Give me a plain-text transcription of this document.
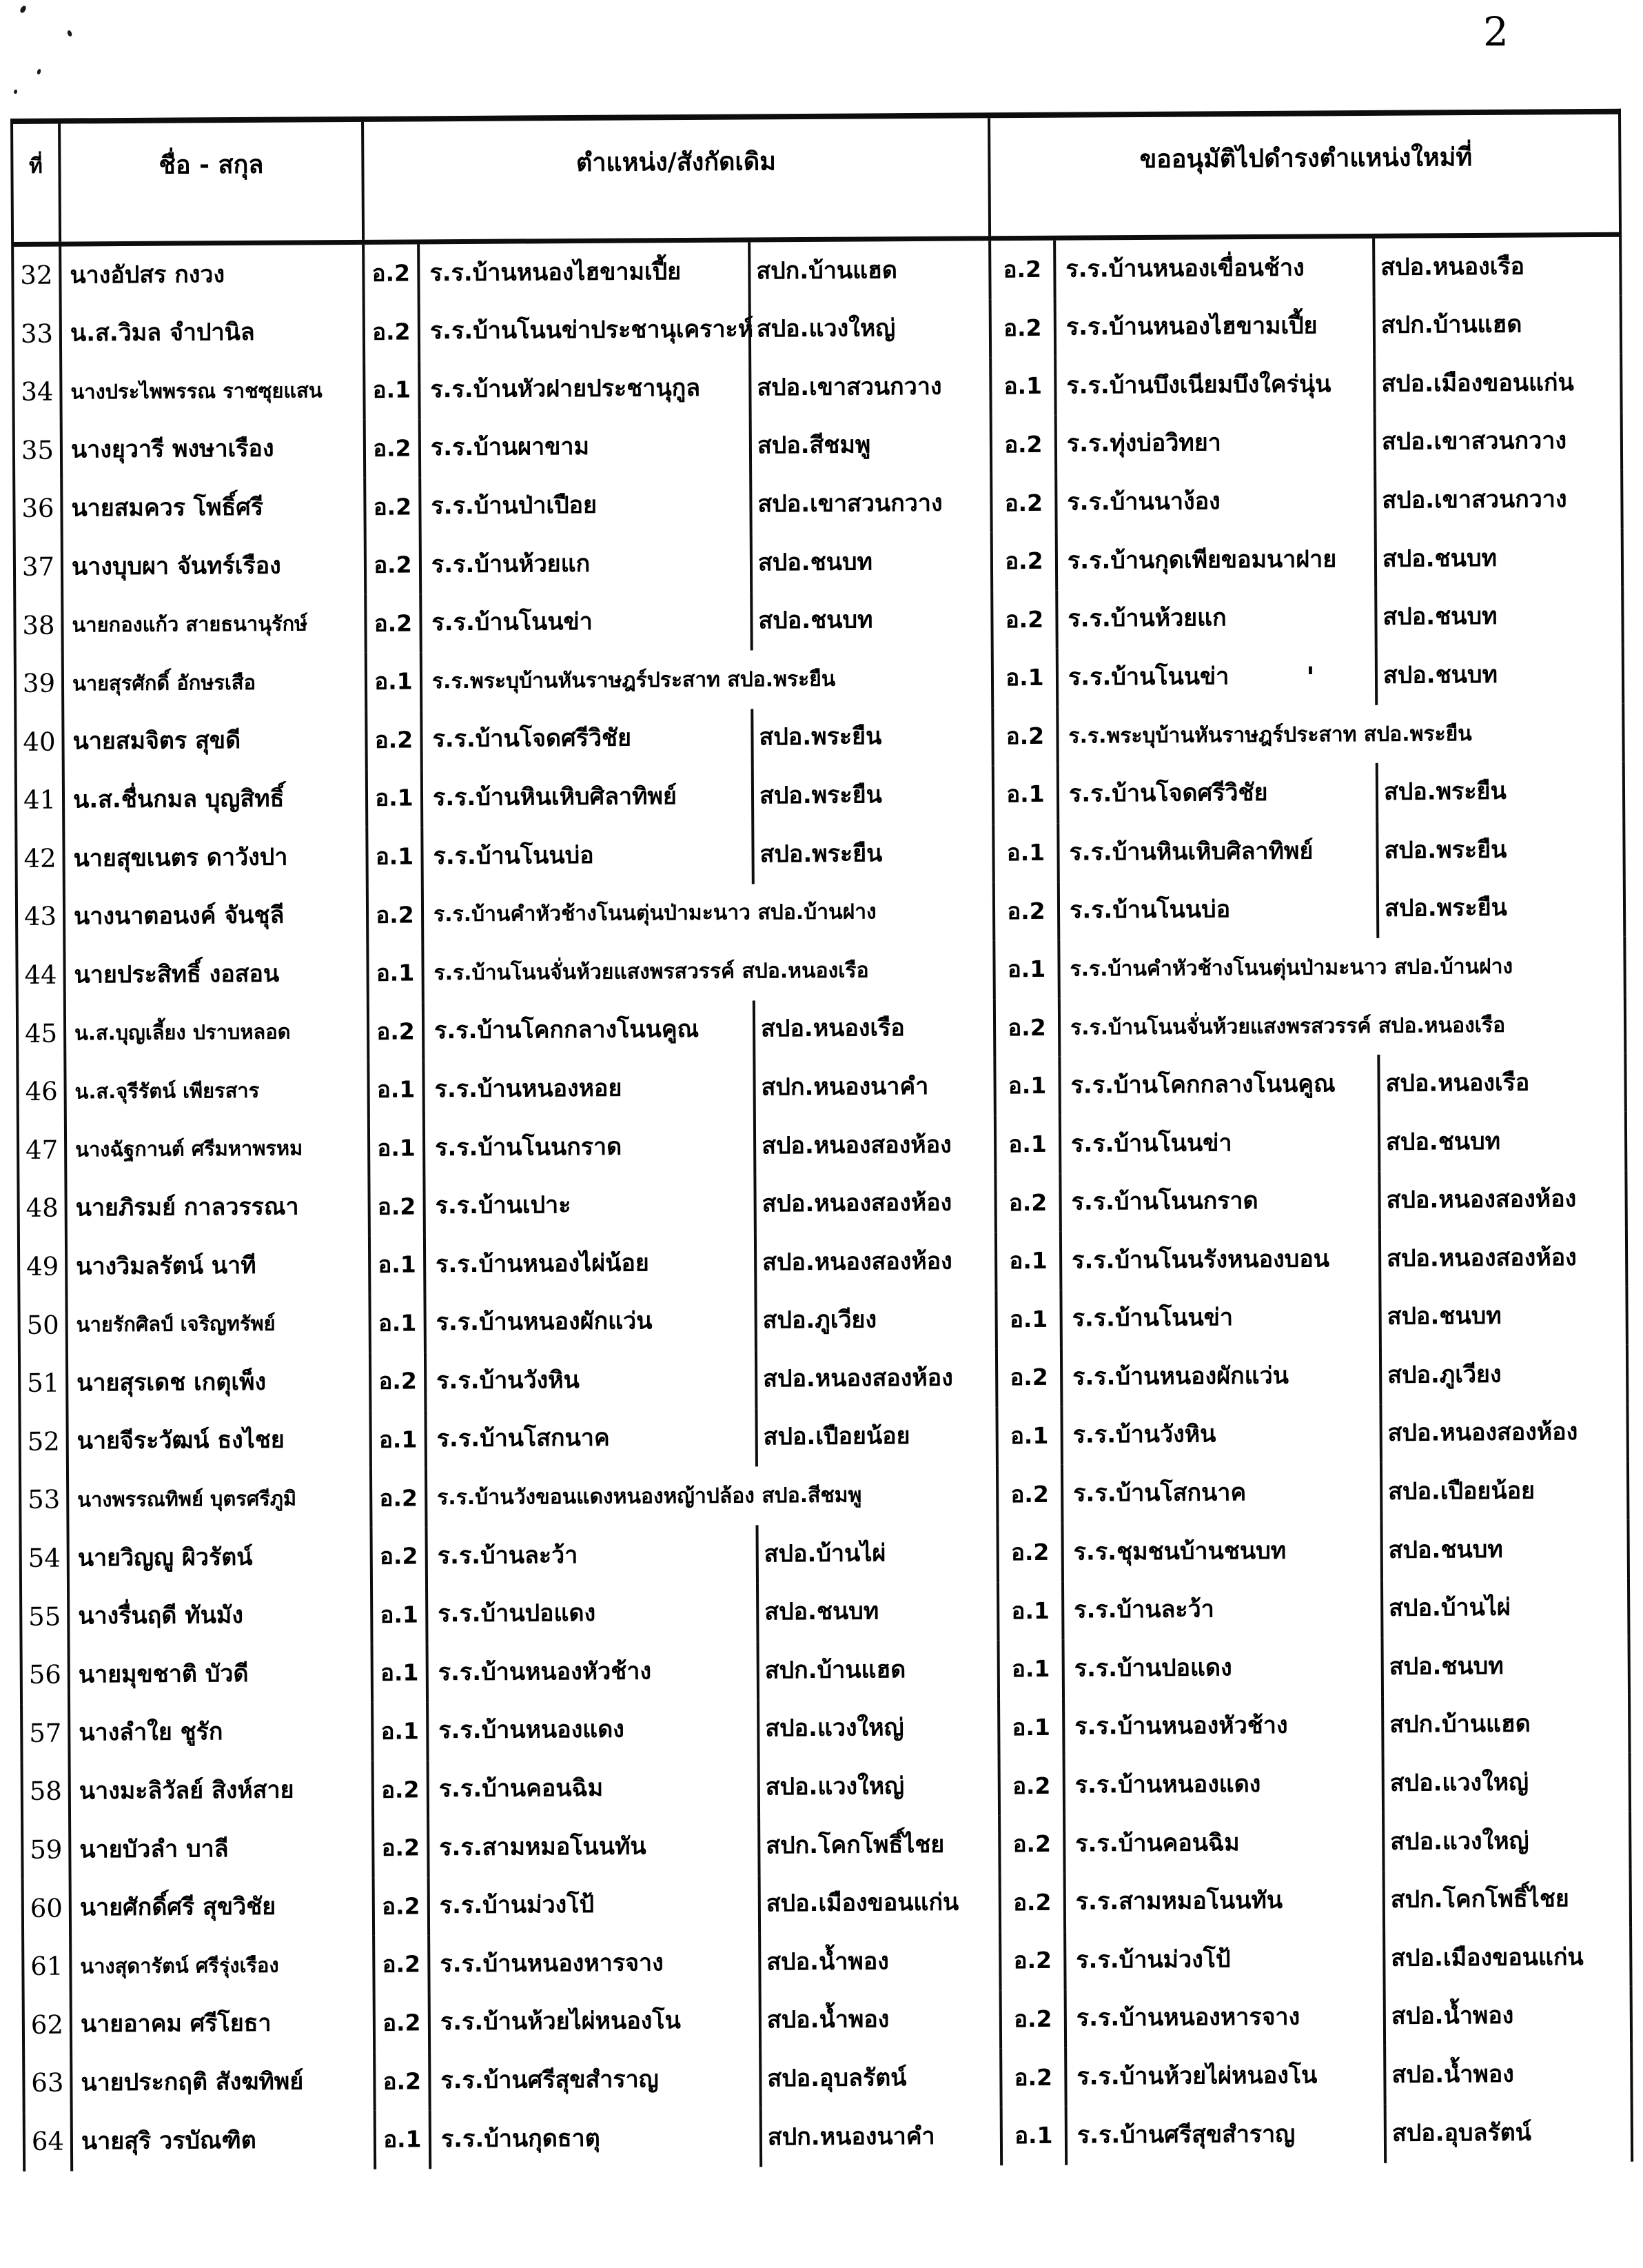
2
'
ที่	ชื่อ - สกุล	ตำแหน่ง/สังกัดเดิม	ขออนุมัติไปดำรงตำแหน่งใหม่ที่
32 นางอัปสร กงวง	อ.2 ร.ร.บ้านหนองไฮขามเปี้ย	สปก.บ้านแฮด	อ.2	ร.ร.บ้านหนองเขื่อนช้าง	สปอ.หนองเรือ
33 น.ส.วิมล จำปานิล	อ.2 ร.ร.บ้านโนนข่าประชานุเคราะห์ สปอ.แวงใหญ่	อ.2	ร.ร.บ้านหนองไฮขามเปี้ย	สปก.บ้านแฮด
34 นางประไพพรรณ ราชซุยแสน	อ.1 ร.ร.บ้านหัวฝายประชานุกูล	สปอ.เขาสวนกวาง	อ.1	ร.ร.บ้านบึงเนียมบึงใคร่นุ่น	สปอ.เมืองขอนแก่น
35 นางยุวารี พงษาเรือง	อ.2 ร.ร.บ้านผาขาม	สปอ.สีชมพู	อ.2	ร.ร.ทุ่งบ่อวิทยา	สปอ.เขาสวนกวาง
36 นายสมควร โพธิ์ศรี	อ.2 ร.ร.บ้านป่าเปือย	สปอ.เขาสวนกวาง	อ.2	ร.ร.บ้านนาง้อง	สปอ.เขาสวนกวาง
37 นางบุบผา จันทร์เรือง	อ.2 ร.ร.บ้านห้วยแก	สปอ.ชนบท	อ.2	ร.ร.บ้านกุดเพียขอมนาฝาย	สปอ.ชนบท
38 นายกองแก้ว สายธนานุรักษ์	อ.2 ร.ร.บ้านโนนข่า	สปอ.ชนบท	อ.2	ร.ร.บ้านห้วยแก	สปอ.ชนบท
39 นายสุรศักดิ์ อักษรเสือ	อ.1 ร.ร.พระบุบ้านหันราษฎร์ประสาท สปอ.พระยืน	อ.1	ร.ร.บ้านโนนข่า	สปอ.ชนบท
40 นายสมจิตร สุขดี	อ.2 ร.ร.บ้านโจดศรีวิชัย	สปอ.พระยืน	อ.2	ร.ร.พระบุบ้านหันราษฎร์ประสาท สปอ.พระยืน
41 น.ส.ชื่นกมล บุญสิทธิ์	อ.1 ร.ร.บ้านหินเหิบศิลาทิพย์	สปอ.พระยืน	อ.1	ร.ร.บ้านโจดศรีวิชัย	สปอ.พระยืน
42 นายสุขเนตร ดาวังปา	อ.1 ร.ร.บ้านโนนบ่อ	สปอ.พระยืน	อ.1	ร.ร.บ้านหินเหิบศิลาทิพย์	สปอ.พระยืน
43 นางนาตอนงค์ จันชุลี	อ.2 ร.ร.บ้านคำหัวช้างโนนตุ่นป่ามะนาว สปอ.บ้านฝาง	อ.2	ร.ร.บ้านโนนบ่อ	สปอ.พระยืน
44 นายประสิทธิ์ งอสอน	อ.1 ร.ร.บ้านโนนจั่นห้วยแสงพรสวรรค์ สปอ.หนองเรือ	อ.1	ร.ร.บ้านคำหัวช้างโนนตุ่นป่ามะนาว สปอ.บ้านฝาง
45 น.ส.บุญเลี้ยง ปราบหลอด	อ.2 ร.ร.บ้านโคกกลางโนนคูณ	สปอ.หนองเรือ	อ.2	ร.ร.บ้านโนนจั่นห้วยแสงพรสวรรค์ สปอ.หนองเรือ
46 น.ส.จุรีรัตน์ เพียรสาร	อ.1 ร.ร.บ้านหนองหอย	สปก.หนองนาคำ	อ.1	ร.ร.บ้านโคกกลางโนนคูณ	สปอ.หนองเรือ
47 นางฉัฐกานต์ ศรีมหาพรหม	อ.1 ร.ร.บ้านโนนกราด	สปอ.หนองสองห้อง	อ.1	ร.ร.บ้านโนนข่า	สปอ.ชนบท
48 นายภิรมย์ กาลวรรณา	อ.2 ร.ร.บ้านเปาะ	สปอ.หนองสองห้อง	อ.2	ร.ร.บ้านโนนกราด	สปอ.หนองสองห้อง
49 นางวิมลรัตน์ นาที	อ.1 ร.ร.บ้านหนองไผ่น้อย	สปอ.หนองสองห้อง	อ.1	ร.ร.บ้านโนนรังหนองบอน	สปอ.หนองสองห้อง
50 นายรักศิลป์ เจริญทรัพย์	อ.1 ร.ร.บ้านหนองผักแว่น	สปอ.ภูเวียง	อ.1	ร.ร.บ้านโนนข่า	สปอ.ชนบท
51 นายสุรเดช เกตุเพ็ง	อ.2 ร.ร.บ้านวังหิน	สปอ.หนองสองห้อง	อ.2	ร.ร.บ้านหนองผักแว่น	สปอ.ภูเวียง
52 นายจีระวัฒน์ ธงไชย	อ.1 ร.ร.บ้านโสกนาค	สปอ.เปือยน้อย	อ.1	ร.ร.บ้านวังหิน	สปอ.หนองสองห้อง
53 นางพรรณทิพย์ บุตรศรีภูมิ	อ.2 ร.ร.บ้านวังขอนแดงหนองหญ้าปล้อง สปอ.สีชมพู	อ.2	ร.ร.บ้านโสกนาค	สปอ.เปือยน้อย
54 นายวิญญู ผิวรัตน์	อ.2 ร.ร.บ้านละว้า	สปอ.บ้านไผ่	อ.2	ร.ร.ชุมชนบ้านชนบท	สปอ.ชนบท
55 นางรื่นฤดี ทันมัง	อ.1 ร.ร.บ้านปอแดง	สปอ.ชนบท	อ.1	ร.ร.บ้านละว้า	สปอ.บ้านไผ่
56 นายมุขชาติ บัวดี	อ.1 ร.ร.บ้านหนองหัวช้าง	สปก.บ้านแฮด	อ.1	ร.ร.บ้านปอแดง	สปอ.ชนบท
57 นางลำใย ชูรัก	อ.1 ร.ร.บ้านหนองแดง	สปอ.แวงใหญ่	อ.1	ร.ร.บ้านหนองหัวช้าง	สปก.บ้านแฮด
58 นางมะลิวัลย์ สิงห์สาย	อ.2 ร.ร.บ้านคอนฉิม	สปอ.แวงใหญ่	อ.2	ร.ร.บ้านหนองแดง	สปอ.แวงใหญ่
59 นายบัวลำ บาลี	อ.2 ร.ร.สามหมอโนนทัน	สปก.โคกโพธิ์ไชย	อ.2	ร.ร.บ้านคอนฉิม	สปอ.แวงใหญ่
60 นายศักดิ์ศรี สุขวิชัย	อ.2 ร.ร.บ้านม่วงโป้	สปอ.เมืองขอนแก่น	อ.2	ร.ร.สามหมอโนนทัน	สปก.โคกโพธิ์ไชย
61 นางสุดารัตน์ ศรีรุ่งเรือง	อ.2 ร.ร.บ้านหนองหารจาง	สปอ.น้ำพอง	อ.2	ร.ร.บ้านม่วงโป้	สปอ.เมืองขอนแก่น
62 นายอาคม ศรีโยธา	อ.2 ร.ร.บ้านห้วยไผ่หนองโน	สปอ.น้ำพอง	อ.2	ร.ร.บ้านหนองหารจาง	สปอ.น้ำพอง
63 นายประกฤติ สังฆทิพย์	อ.2 ร.ร.บ้านศรีสุขสำราญ	สปอ.อุบลรัตน์	อ.2	ร.ร.บ้านห้วยไผ่หนองโน	สปอ.น้ำพอง
64 นายสุริ วรบัณฑิต	อ.1 ร.ร.บ้านกุดธาตุ	สปก.หนองนาคำ	อ.1	ร.ร.บ้านศรีสุขสำราญ	สปอ.อุบลรัตน์
